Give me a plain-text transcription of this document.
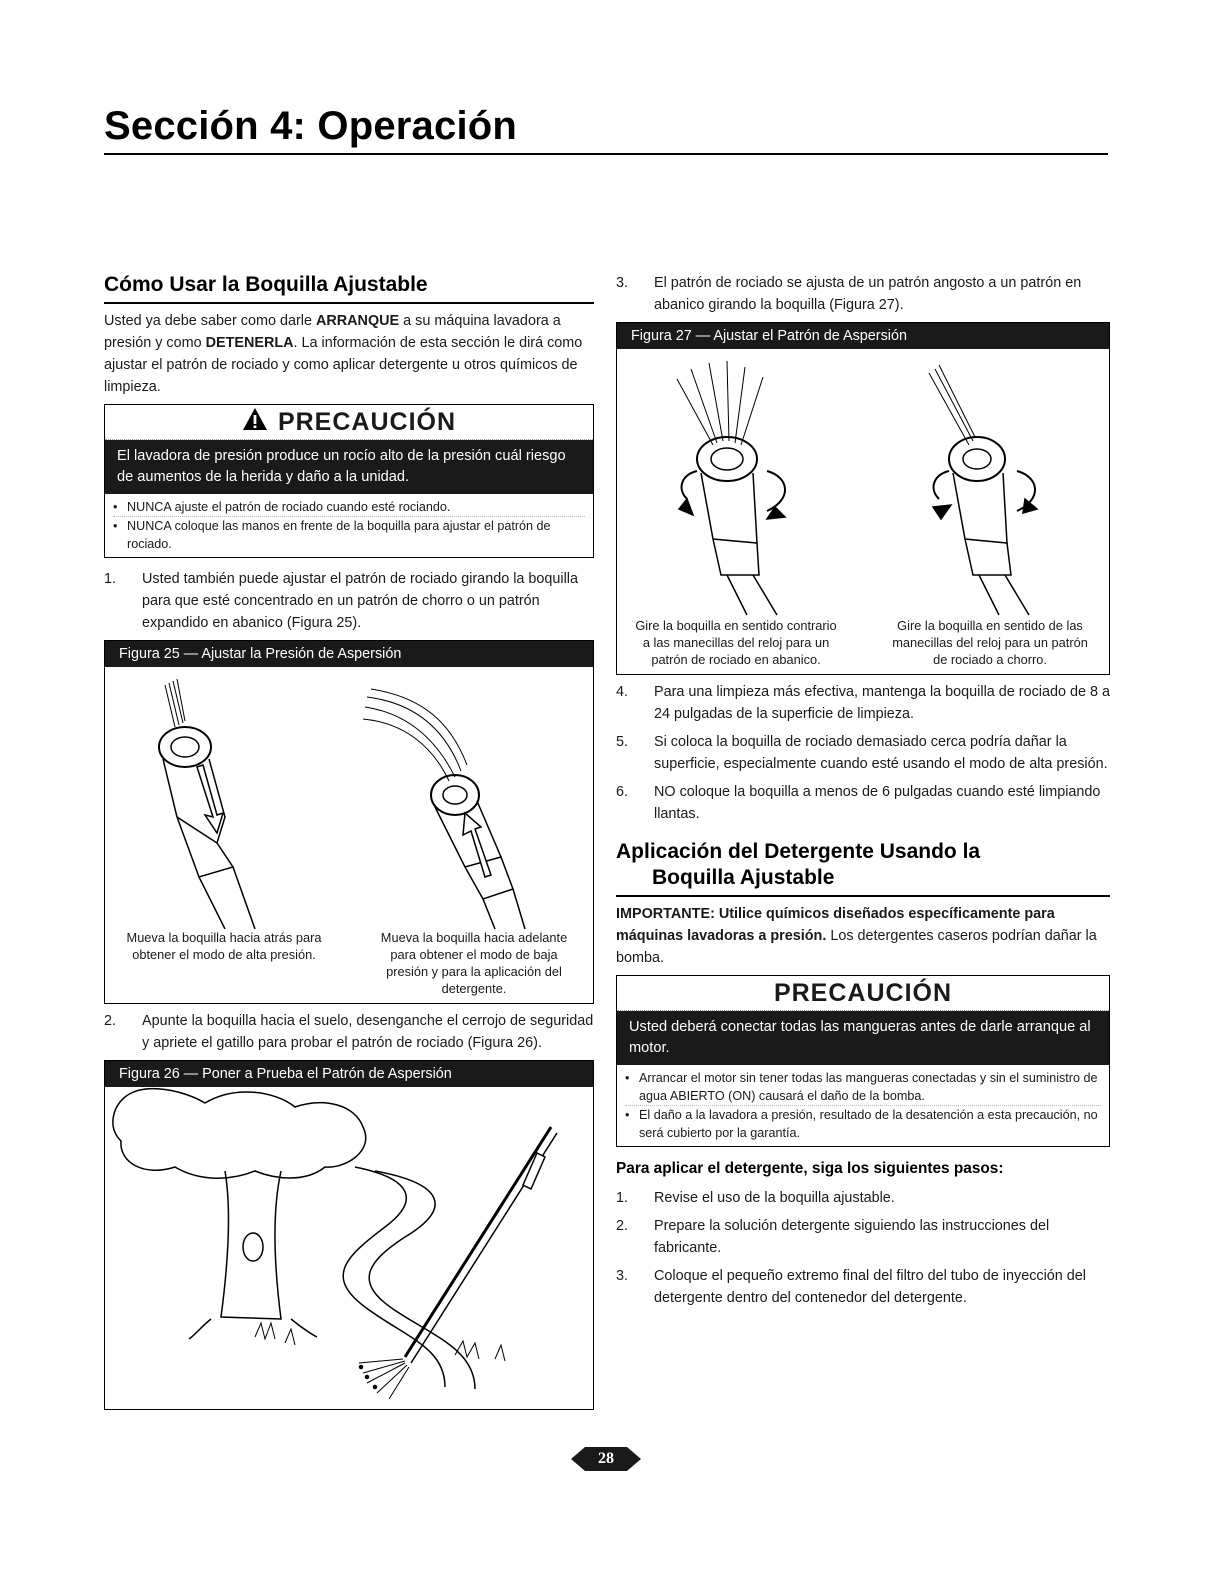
Sección 4: Operación
Cómo Usar la Boquilla Ajustable

Usted ya debe saber como darle ARRANQUE a su máquina lavadora a presión y como DETENERLA. La información de esta sección le dirá como ajustar el patrón de rociado y como aplicar detergente u otros químicos de limpieza.

PRECAUCIÓN
El lavadora de presión produce un rocío alto de la presión cuál riesgo de aumentos de la herida y daño a la unidad.
• NUNCA ajuste el patrón de rociado cuando esté rociando.
• NUNCA coloque las manos en frente de la boquilla para ajustar el patrón de rociado.
1. Usted también puede ajustar el patrón de rociado girando la boquilla para que esté concentrado en un patrón de chorro o un patrón expandido en abanico (Figura 25).
Figura 25 — Ajustar la Presión de Aspersión
Mueva la boquilla hacia atrás para obtener el modo de alta presión.
Mueva la boquilla hacia adelante para obtener el modo de baja presión y para la aplicación del detergente.
2. Apunte la boquilla hacia el suelo, desenganche el cerrojo de seguridad y apriete el gatillo para probar el patrón de rociado (Figura 26).
Figura 26 — Poner a Prueba el Patrón de Aspersión
3. El patrón de rociado se ajusta de un patrón angosto a un patrón en abanico girando la boquilla (Figura 27).
Figura 27 — Ajustar el Patrón de Aspersión
Gire la boquilla en sentido contrario a las manecillas del reloj para un patrón de rociado en abanico.
Gire la boquilla en sentido de las manecillas del reloj para un patrón de rociado a chorro.
4. Para una limpieza más efectiva, mantenga la boquilla de rociado de 8 a 24 pulgadas de la superficie de limpieza.
5. Si coloca la boquilla de rociado demasiado cerca podría dañar la superficie, especialmente cuando esté usando el modo de alta presión.
6. NO coloque la boquilla a menos de 6 pulgadas cuando esté limpiando llantas.
Aplicación del Detergente Usando la
Boquilla Ajustable

IMPORTANTE: Utilice químicos diseñados específicamente para máquinas lavadoras a presión. Los detergentes caseros podrían dañar la bomba.

PRECAUCIÓN
Usted deberá conectar todas las mangueras antes de darle arranque al motor.
• Arrancar el motor sin tener todas las mangueras conectadas y sin el suministro de agua ABIERTO (ON) causará el daño de la bomba.
• El daño a la lavadora a presión, resultado de la desatención a esta precaución, no será cubierto por la garantía.
Para aplicar el detergente, siga los siguientes pasos:
1. Revise el uso de la boquilla ajustable.
2. Prepare la solución detergente siguiendo las instrucciones del fabricante.
3. Coloque el pequeño extremo final del filtro del tubo de inyección del detergente dentro del contenedor del detergente.
28
